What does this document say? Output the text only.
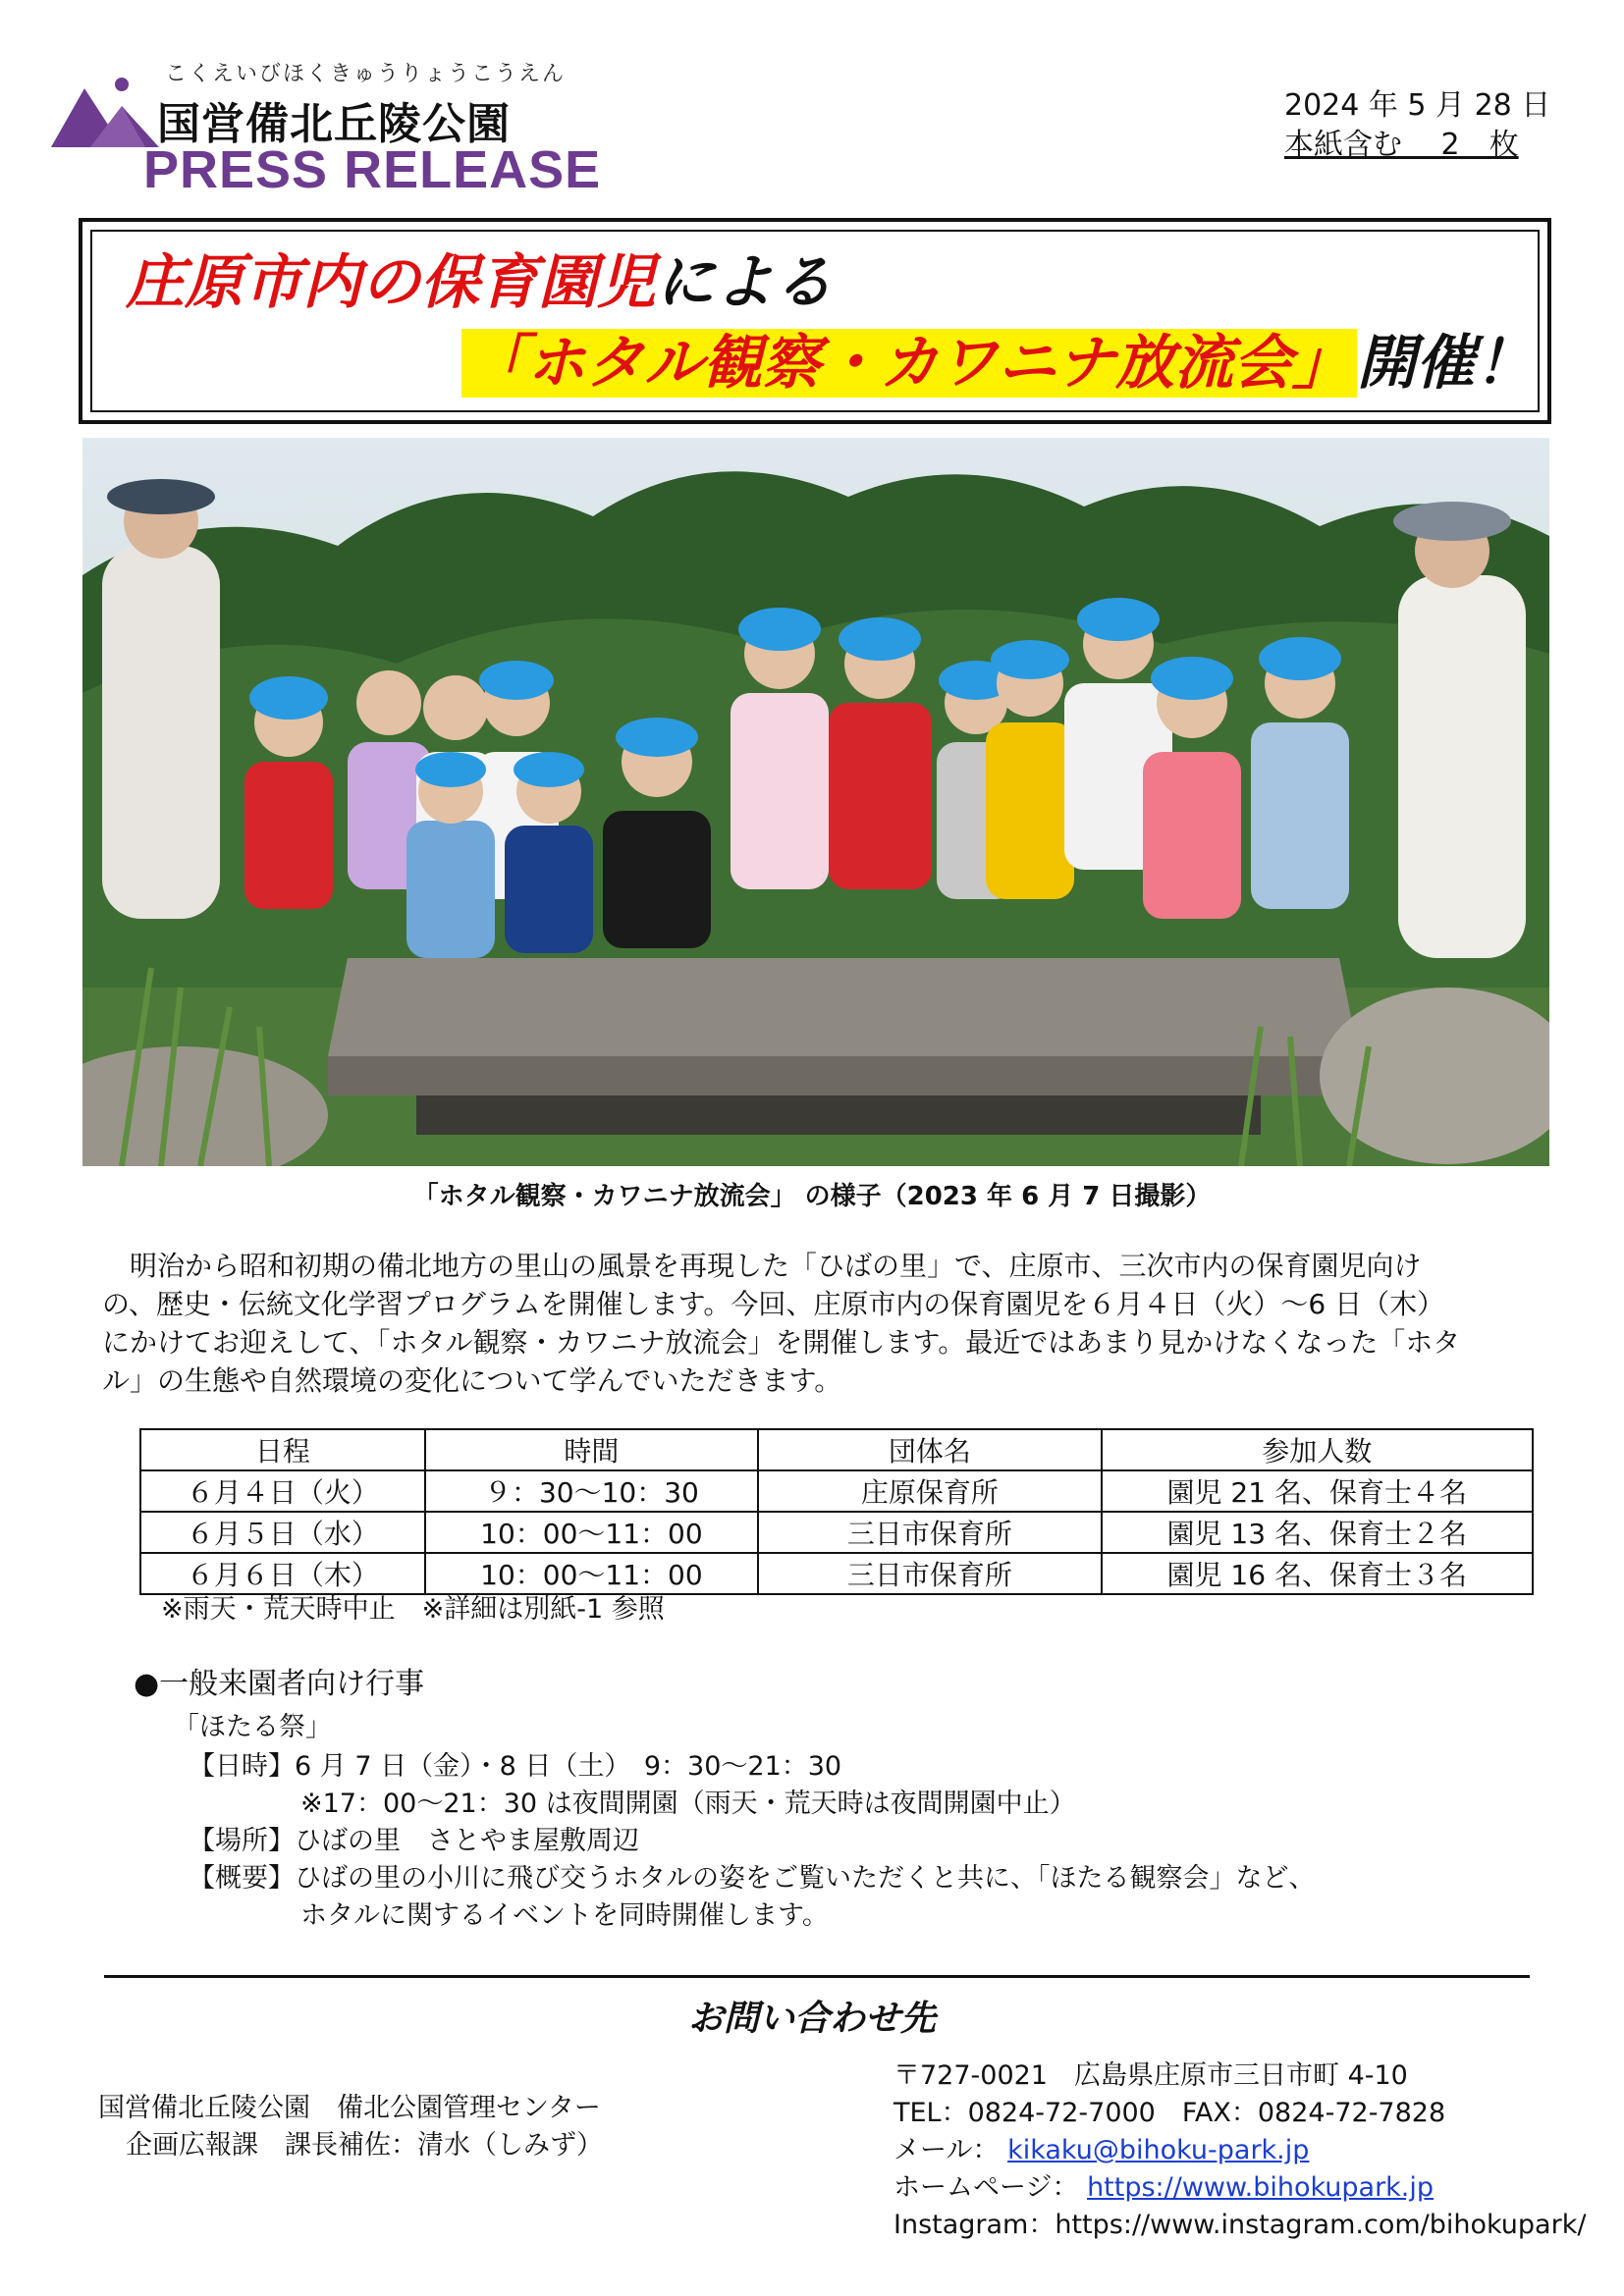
こくえいびほくきゅうりょうこうえん
国営備北丘陵公園
PRESS RELEASE
2024 年 5 月 28 日
本紙含む　 2　枚
庄原市内の保育園児による
「ホタル観察・カワニナ放流会」 開催！
「ホタル観察・カワニナ放流会」 の様子（2023 年 6 月 7 日撮影）

　明治から昭和初期の備北地方の里山の風景を再現した「ひばの里」で、庄原市、三次市内の保育園児向け

の、歴史・伝統文化学習プログラムを開催します。今回、庄原市内の保育園児を６月４日（火）～6 日（木）

にかけてお迎えして、「ホタル観察・カワニナ放流会」を開催します。最近ではあまり見かけなくなった「ホタ

ル」の生態や自然環境の変化について学んでいただきます。

日程	時間	団体名	参加人数
６月４日（火）	９：30～10：30	庄原保育所	園児 21 名、保育士４名
６月５日（水）	10：00～11：00	三日市保育所	園児 13 名、保育士２名
６月６日（木）	10：00～11：00	三日市保育所	園児 16 名、保育士３名
※雨天・荒天時中止　※詳細は別紙-1 参照
●一般来園者向け行事
「ほたる祭」
【日時】6 月 7 日（金）・8 日（土）　9：30～21：30
※17：00～21：30 は夜間開園（雨天・荒天時は夜間開園中止）
【場所】ひばの里　さとやま屋敷周辺
【概要】ひばの里の小川に飛び交うホタルの姿をご覧いただくと共に、「ほたる観察会」など、
ホタルに関するイベントを同時開催します。
お問い合わせ先
国営備北丘陵公園　備北公園管理センター
企画広報課　課長補佐：清水（しみず）
〒727-0021　広島県庄原市三日市町 4-10
TEL：0824-72-7000　FAX：0824-72-7828
メール： kikaku@bihoku-park.jp
ホームページ： https://www.bihokupark.jp
Instagram：https://www.instagram.com/bihokupark/
